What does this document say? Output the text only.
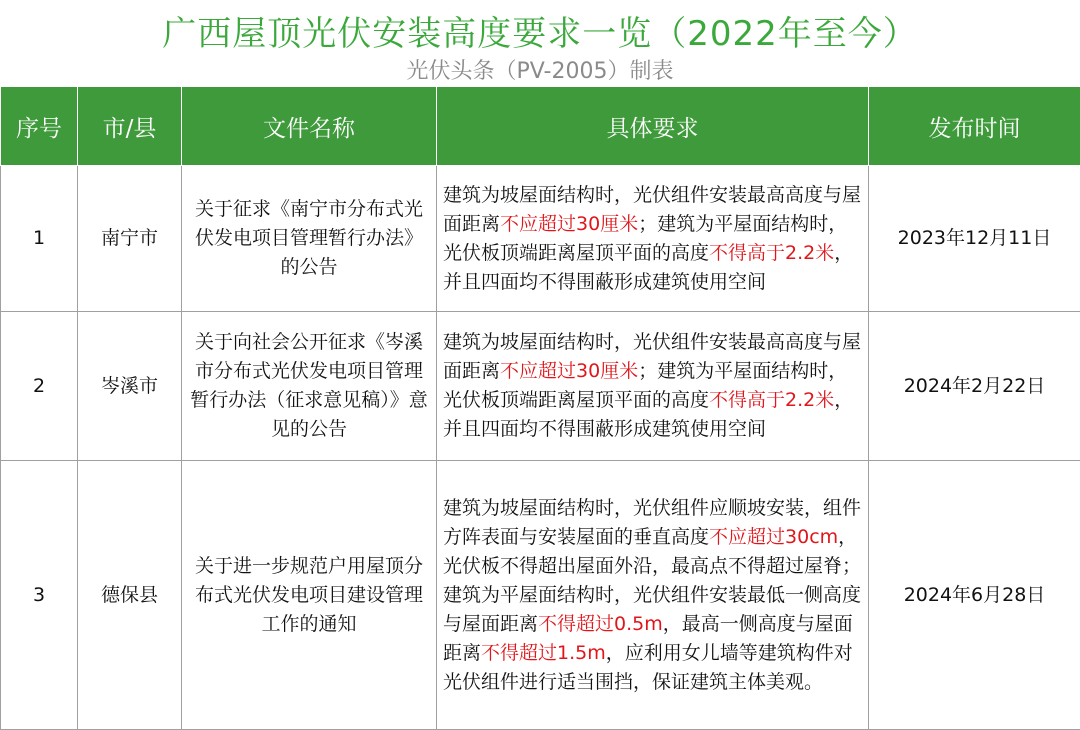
广西屋顶光伏安装高度要求一览（2022年至今）
光伏头条（PV-2005）制表
序号	市/县	文件名称	具体要求	发布时间
1	南宁市	关于征求《南宁市分布式光伏发电项目管理暂行办法》的公告	建筑为坡屋面结构时，光伏组件安装最高高度与屋面距离不应超过30厘米；建筑为平屋面结构时，光伏板顶端距离屋顶平面的高度不得高于2.2米，并且四面均不得围蔽形成建筑使用空间	2023年12月11日
2	岑溪市	关于向社会公开征求《岑溪市分布式光伏发电项目管理暂行办法（征求意见稿）》意见的公告	建筑为坡屋面结构时，光伏组件安装最高高度与屋面距离不应超过30厘米；建筑为平屋面结构时，光伏板顶端距离屋顶平面的高度不得高于2.2米，并且四面均不得围蔽形成建筑使用空间	2024年2月22日
3	德保县	关于进一步规范户用屋顶分布式光伏发电项目建设管理工作的通知	建筑为坡屋面结构时，光伏组件应顺坡安装，组件方阵表面与安装屋面的垂直高度不应超过30cm，光伏板不得超出屋面外沿，最高点不得超过屋脊；建筑为平屋面结构时，光伏组件安装最低一侧高度与屋面距离不得超过0.5m，最高一侧高度与屋面距离不得超过1.5m，应利用女儿墙等建筑构件对光伏组件进行适当围挡，保证建筑主体美观。	2024年6月28日
